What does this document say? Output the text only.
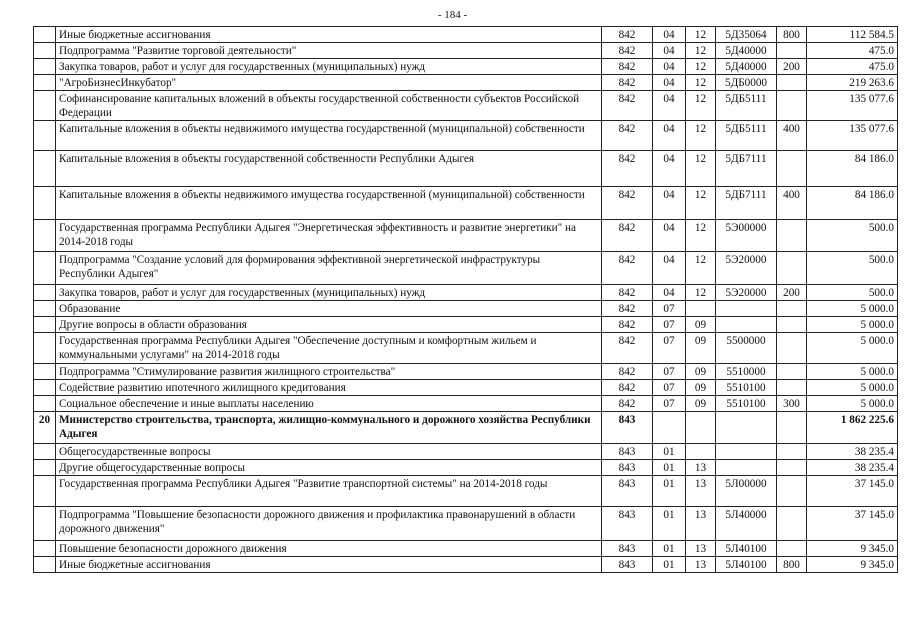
- 184 -
	Иные бюджетные ассигнования	842	04	12	5Д35064	800	112 584.5
	Подпрограмма "Развитие торговой деятельности"	842	04	12	5Д40000		475.0
	Закупка товаров, работ и услуг для государственных (муниципальных) нужд	842	04	12	5Д40000	200	475.0
	"АгроБизнесИнкубатор"	842	04	12	5ДБ0000		219 263.6
	Софинансирование капитальных вложений в объекты государственной собственности субъектов Российской Федерации	842	04	12	5ДБ5111		135 077.6
	Капитальные вложения в объекты недвижимого имущества государственной (муниципальной) собственности	842	04	12	5ДБ5111	400	135 077.6
	Капитальные вложения в объекты государственной собственности Республики Адыгея	842	04	12	5ДБ7111		84 186.0
	Капитальные вложения в объекты недвижимого имущества государственной (муниципальной) собственности	842	04	12	5ДБ7111	400	84 186.0
	Государственная программа Республики Адыгея "Энергетическая эффективность и развитие энергетики" на 2014-2018 годы	842	04	12	5Э00000		500.0
	Подпрограмма "Создание условий для формирования эффективной энергетической инфраструктуры Республики Адыгея"	842	04	12	5Э20000		500.0
	Закупка товаров, работ и услуг для государственных (муниципальных) нужд	842	04	12	5Э20000	200	500.0
	Образование	842	07				5 000.0
	Другие вопросы в области образования	842	07	09			5 000.0
	Государственная программа Республики Адыгея "Обеспечение доступным и комфортным жильем и коммунальными услугами" на 2014-2018 годы	842	07	09	5500000		5 000.0
	Подпрограмма "Стимулирование развития жилищного строительства"	842	07	09	5510000		5 000.0
	Содействие развитию ипотечного жилищного кредитования	842	07	09	5510100		5 000.0
	Социальное обеспечение и иные выплаты населению	842	07	09	5510100	300	5 000.0
20	Министерство строительства, транспорта, жилищно-коммунального и дорожного хозяйства Республики Адыгея	843					1 862 225.6
	Общегосударственные вопросы	843	01				38 235.4
	Другие общегосударственные вопросы	843	01	13			38 235.4
	Государственная программа Республики Адыгея "Развитие транспортной системы" на 2014-2018 годы	843	01	13	5Л00000		37 145.0
	Подпрограмма "Повышение безопасности дорожного движения и профилактика правонарушений в области дорожного движения"	843	01	13	5Л40000		37 145.0
	Повышение безопасности дорожного движения	843	01	13	5Л40100		9 345.0
	Иные бюджетные ассигнования	843	01	13	5Л40100	800	9 345.0
